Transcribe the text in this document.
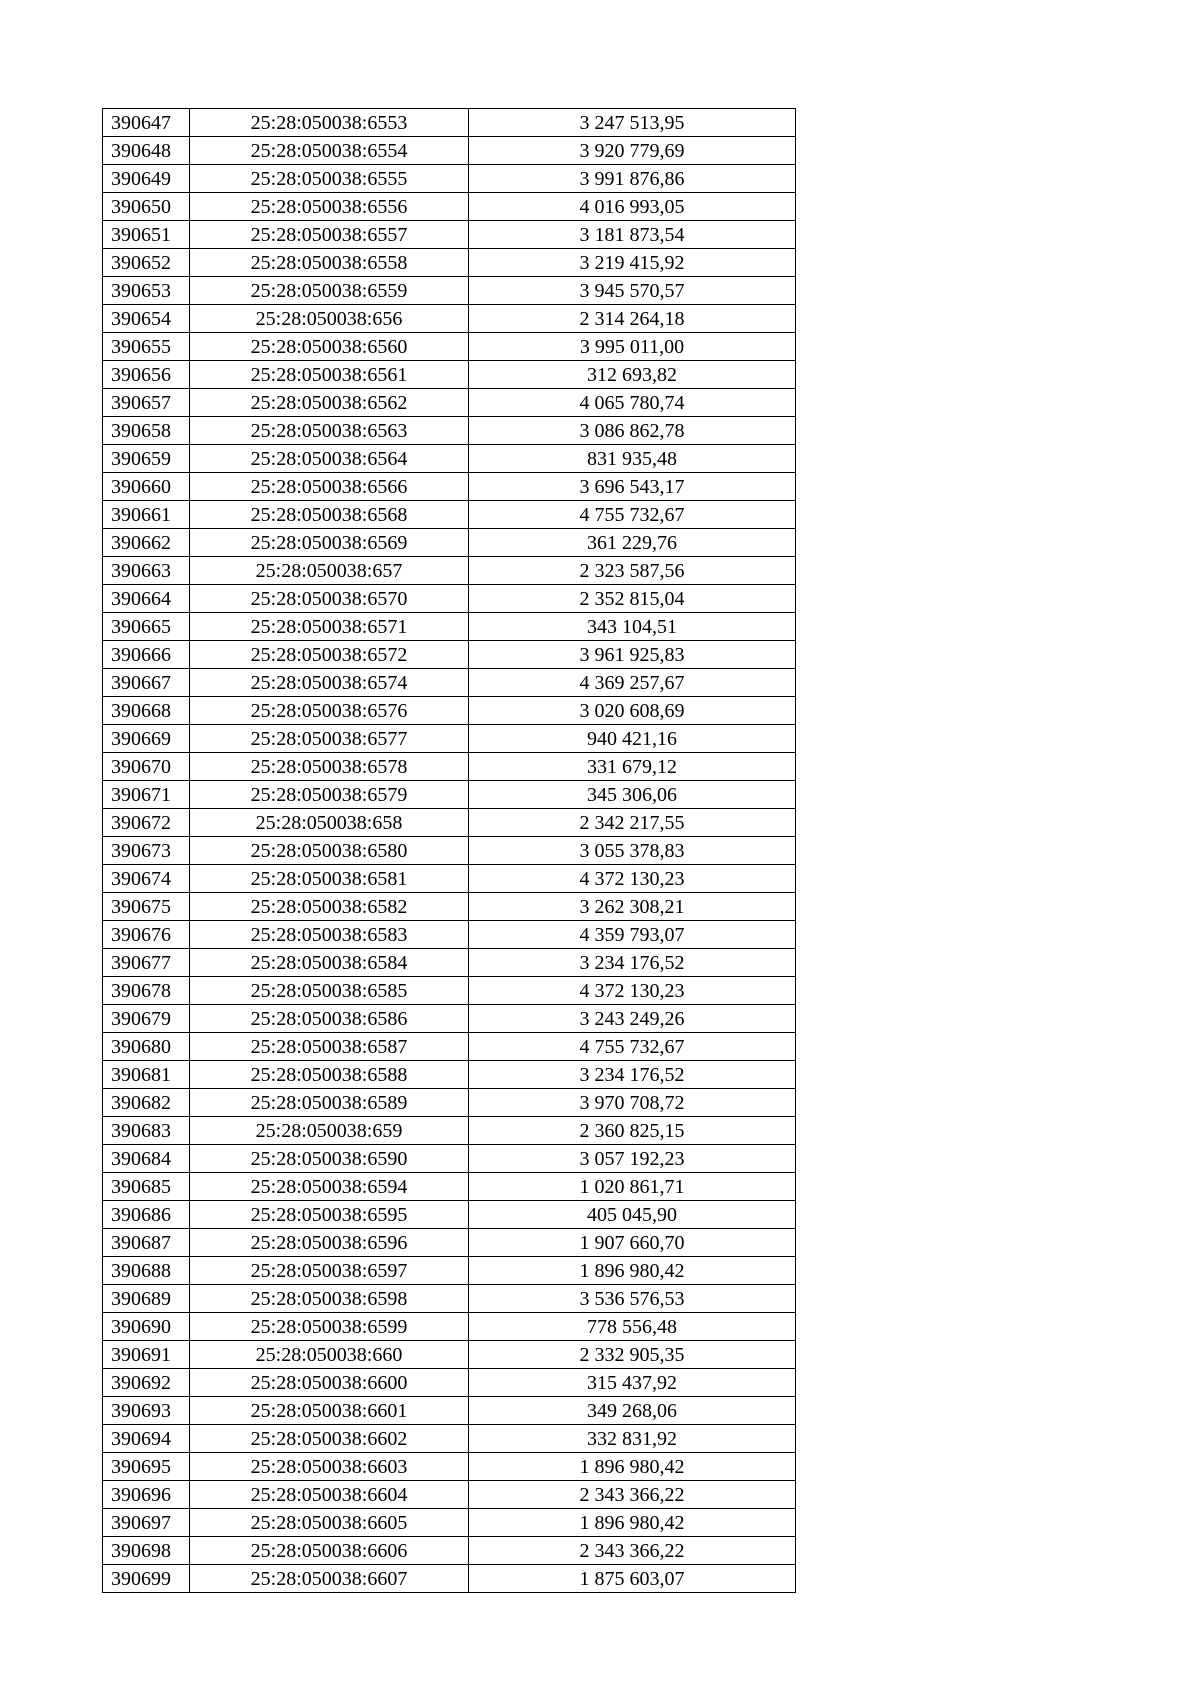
390647	25:28:050038:6553	3 247 513,95
390648	25:28:050038:6554	3 920 779,69
390649	25:28:050038:6555	3 991 876,86
390650	25:28:050038:6556	4 016 993,05
390651	25:28:050038:6557	3 181 873,54
390652	25:28:050038:6558	3 219 415,92
390653	25:28:050038:6559	3 945 570,57
390654	25:28:050038:656	2 314 264,18
390655	25:28:050038:6560	3 995 011,00
390656	25:28:050038:6561	312 693,82
390657	25:28:050038:6562	4 065 780,74
390658	25:28:050038:6563	3 086 862,78
390659	25:28:050038:6564	831 935,48
390660	25:28:050038:6566	3 696 543,17
390661	25:28:050038:6568	4 755 732,67
390662	25:28:050038:6569	361 229,76
390663	25:28:050038:657	2 323 587,56
390664	25:28:050038:6570	2 352 815,04
390665	25:28:050038:6571	343 104,51
390666	25:28:050038:6572	3 961 925,83
390667	25:28:050038:6574	4 369 257,67
390668	25:28:050038:6576	3 020 608,69
390669	25:28:050038:6577	940 421,16
390670	25:28:050038:6578	331 679,12
390671	25:28:050038:6579	345 306,06
390672	25:28:050038:658	2 342 217,55
390673	25:28:050038:6580	3 055 378,83
390674	25:28:050038:6581	4 372 130,23
390675	25:28:050038:6582	3 262 308,21
390676	25:28:050038:6583	4 359 793,07
390677	25:28:050038:6584	3 234 176,52
390678	25:28:050038:6585	4 372 130,23
390679	25:28:050038:6586	3 243 249,26
390680	25:28:050038:6587	4 755 732,67
390681	25:28:050038:6588	3 234 176,52
390682	25:28:050038:6589	3 970 708,72
390683	25:28:050038:659	2 360 825,15
390684	25:28:050038:6590	3 057 192,23
390685	25:28:050038:6594	1 020 861,71
390686	25:28:050038:6595	405 045,90
390687	25:28:050038:6596	1 907 660,70
390688	25:28:050038:6597	1 896 980,42
390689	25:28:050038:6598	3 536 576,53
390690	25:28:050038:6599	778 556,48
390691	25:28:050038:660	2 332 905,35
390692	25:28:050038:6600	315 437,92
390693	25:28:050038:6601	349 268,06
390694	25:28:050038:6602	332 831,92
390695	25:28:050038:6603	1 896 980,42
390696	25:28:050038:6604	2 343 366,22
390697	25:28:050038:6605	1 896 980,42
390698	25:28:050038:6606	2 343 366,22
390699	25:28:050038:6607	1 875 603,07
